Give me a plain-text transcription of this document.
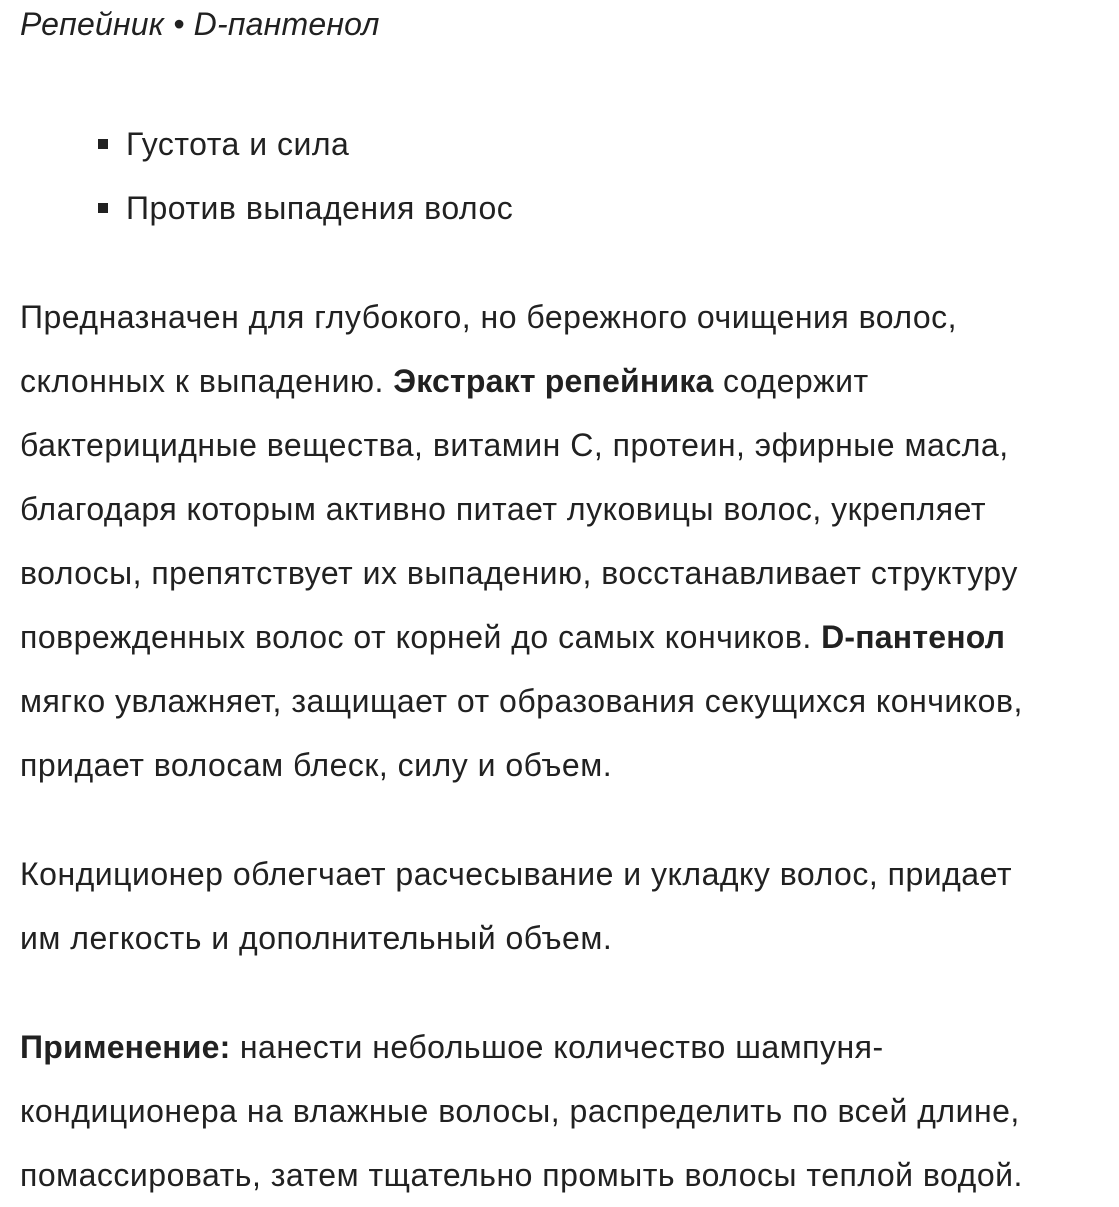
Репейник • D-пантенол
Густота и сила
Против выпадения волос

Предназначен для глубокого, но бережного очищения волос,
склонных к выпадению. Экстракт репейника содержит
бактерицидные вещества, витамин С, протеин, эфирные масла,
благодаря которым активно питает луковицы волос, укрепляет
волосы, препятствует их выпадению, восстанавливает структуру
поврежденных волос от корней до самых кончиков. D-пантенол
мягко увлажняет, защищает от образования секущихся кончиков,
придает волосам блеск, силу и объем.

Кондиционер облегчает расчесывание и укладку волос, придает
им легкость и дополнительный объем.

Применение: нанести небольшое количество шампуня-
кондиционера на влажные волосы, распределить по всей длине,
помассировать, затем тщательно промыть волосы теплой водой.
